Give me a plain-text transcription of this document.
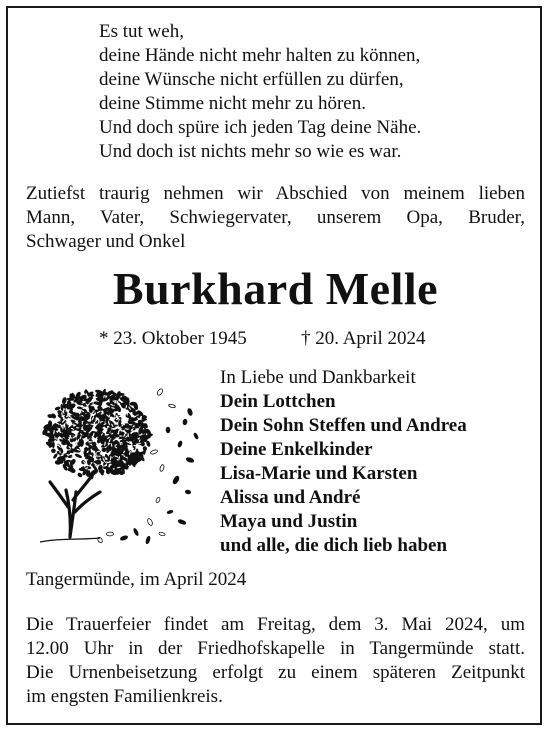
Es tut weh,
deine Hände nicht mehr halten zu können,
deine Wünsche nicht erfüllen zu dürfen,
deine Stimme nicht mehr zu hören.
Und doch spüre ich jeden Tag deine Nähe.
Und doch ist nichts mehr so wie es war.
Zutiefst traurig nehmen wir Abschied von meinem lieben
Mann, Vater, Schwiegervater, unserem Opa, Bruder,
Schwager und Onkel
Burkhard Melle
* 23. Oktober 1945	† 20. April 2024
In Liebe und Dankbarkeit
Dein Lottchen
Dein Sohn Steffen und Andrea
Deine Enkelkinder
Lisa-Marie und Karsten
Alissa und André
Maya und Justin
und alle, die dich lieb haben
Tangermünde, im April 2024
Die Trauerfeier findet am Freitag, dem 3. Mai 2024, um
12.00 Uhr in der Friedhofskapelle in Tangermünde statt.
Die Urnenbeisetzung erfolgt zu einem späteren Zeitpunkt
im engsten Familienkreis.
